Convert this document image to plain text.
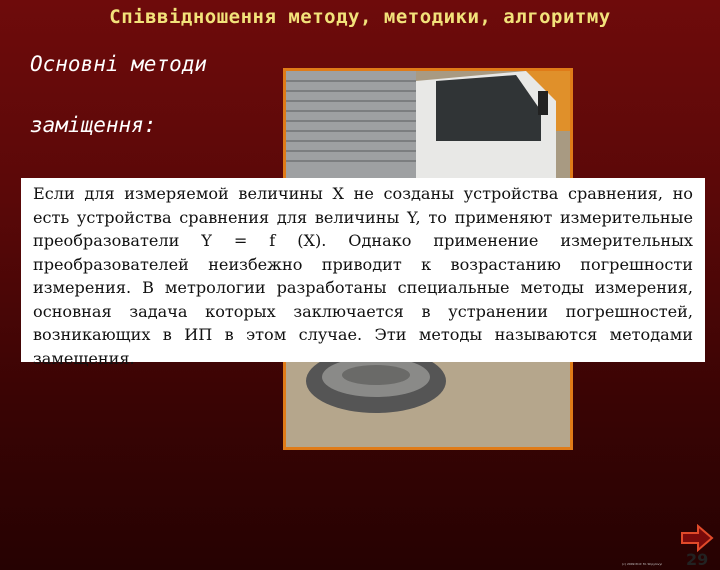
Співвідношення методу, методики, алгоритму
Основні методи
заміщення:

Если для измеряемой величины X не созданы устройства сравнения, но есть устройства сравнения для величины Y, то применяют измерительные преобразователи Y = f (X). Однако применение измерительных преобразователей неизбежно приводит к возрастанию погрешности измерения. В метрологии разработаны специальные методы измерения, основная задача которых заключается в устранении погрешностей, возникающих в ИП в этом случае. Эти методы называются методами замещения.

29
(c) 2009 Prof. M. Shpylovyi
